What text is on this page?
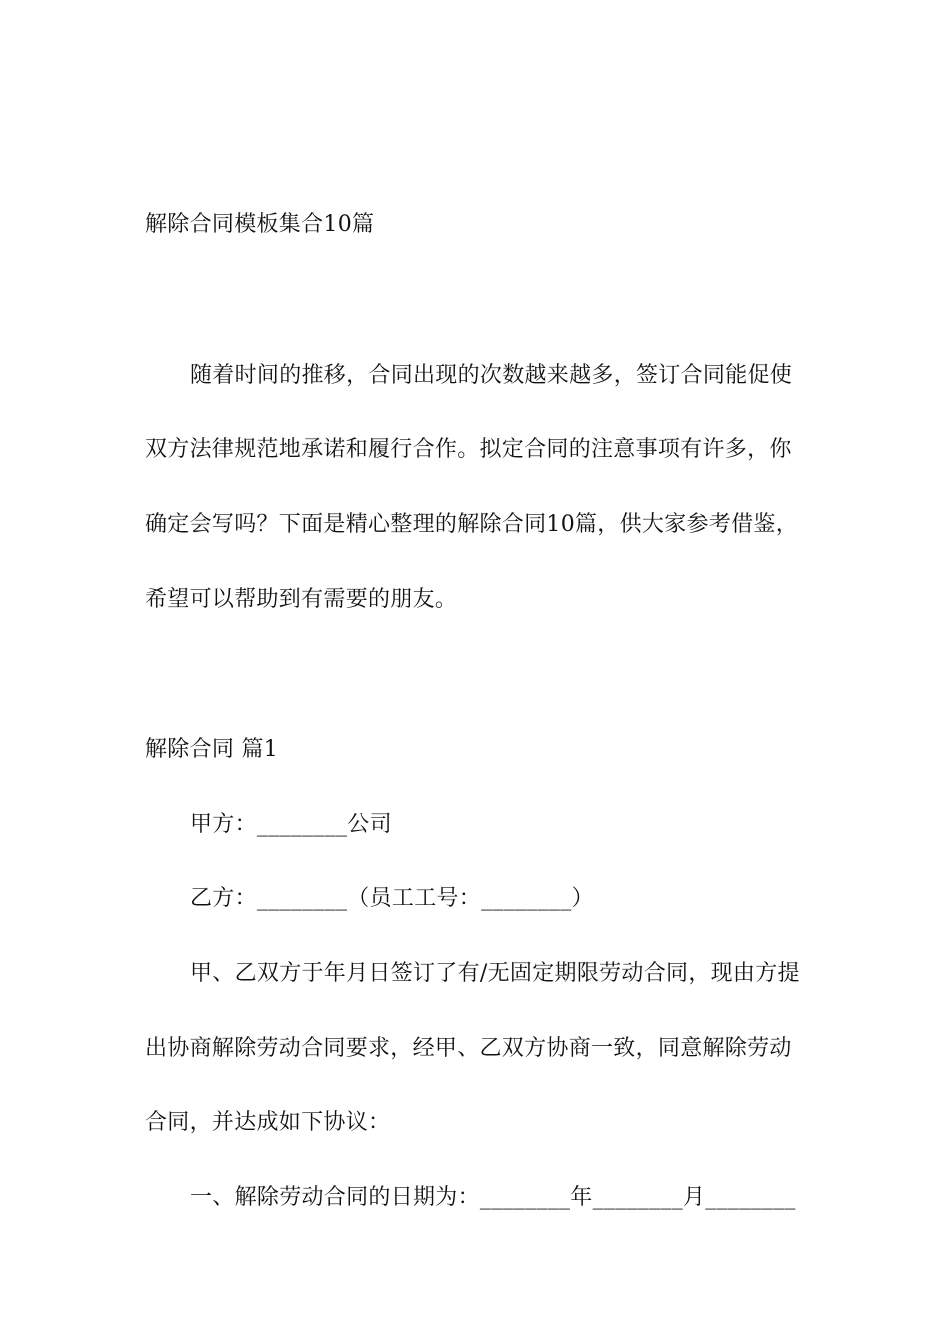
解除合同模板集合10篇
随着时间的推移，合同出现的次数越来越多，签订合同能促使
双方法律规范地承诺和履行合作。拟定合同的注意事项有许多，你
确定会写吗？下面是精心整理的解除合同10篇，供大家参考借鉴，
希望可以帮助到有需要的朋友。
解除合同 篇1
甲方：________公司
乙方：________（员工工号：________）
甲、乙双方于年月日签订了有/无固定期限劳动合同，现由方提
出协商解除劳动合同要求，经甲、乙双方协商一致，同意解除劳动
合同，并达成如下协议：
一、解除劳动合同的日期为：________年________月________
